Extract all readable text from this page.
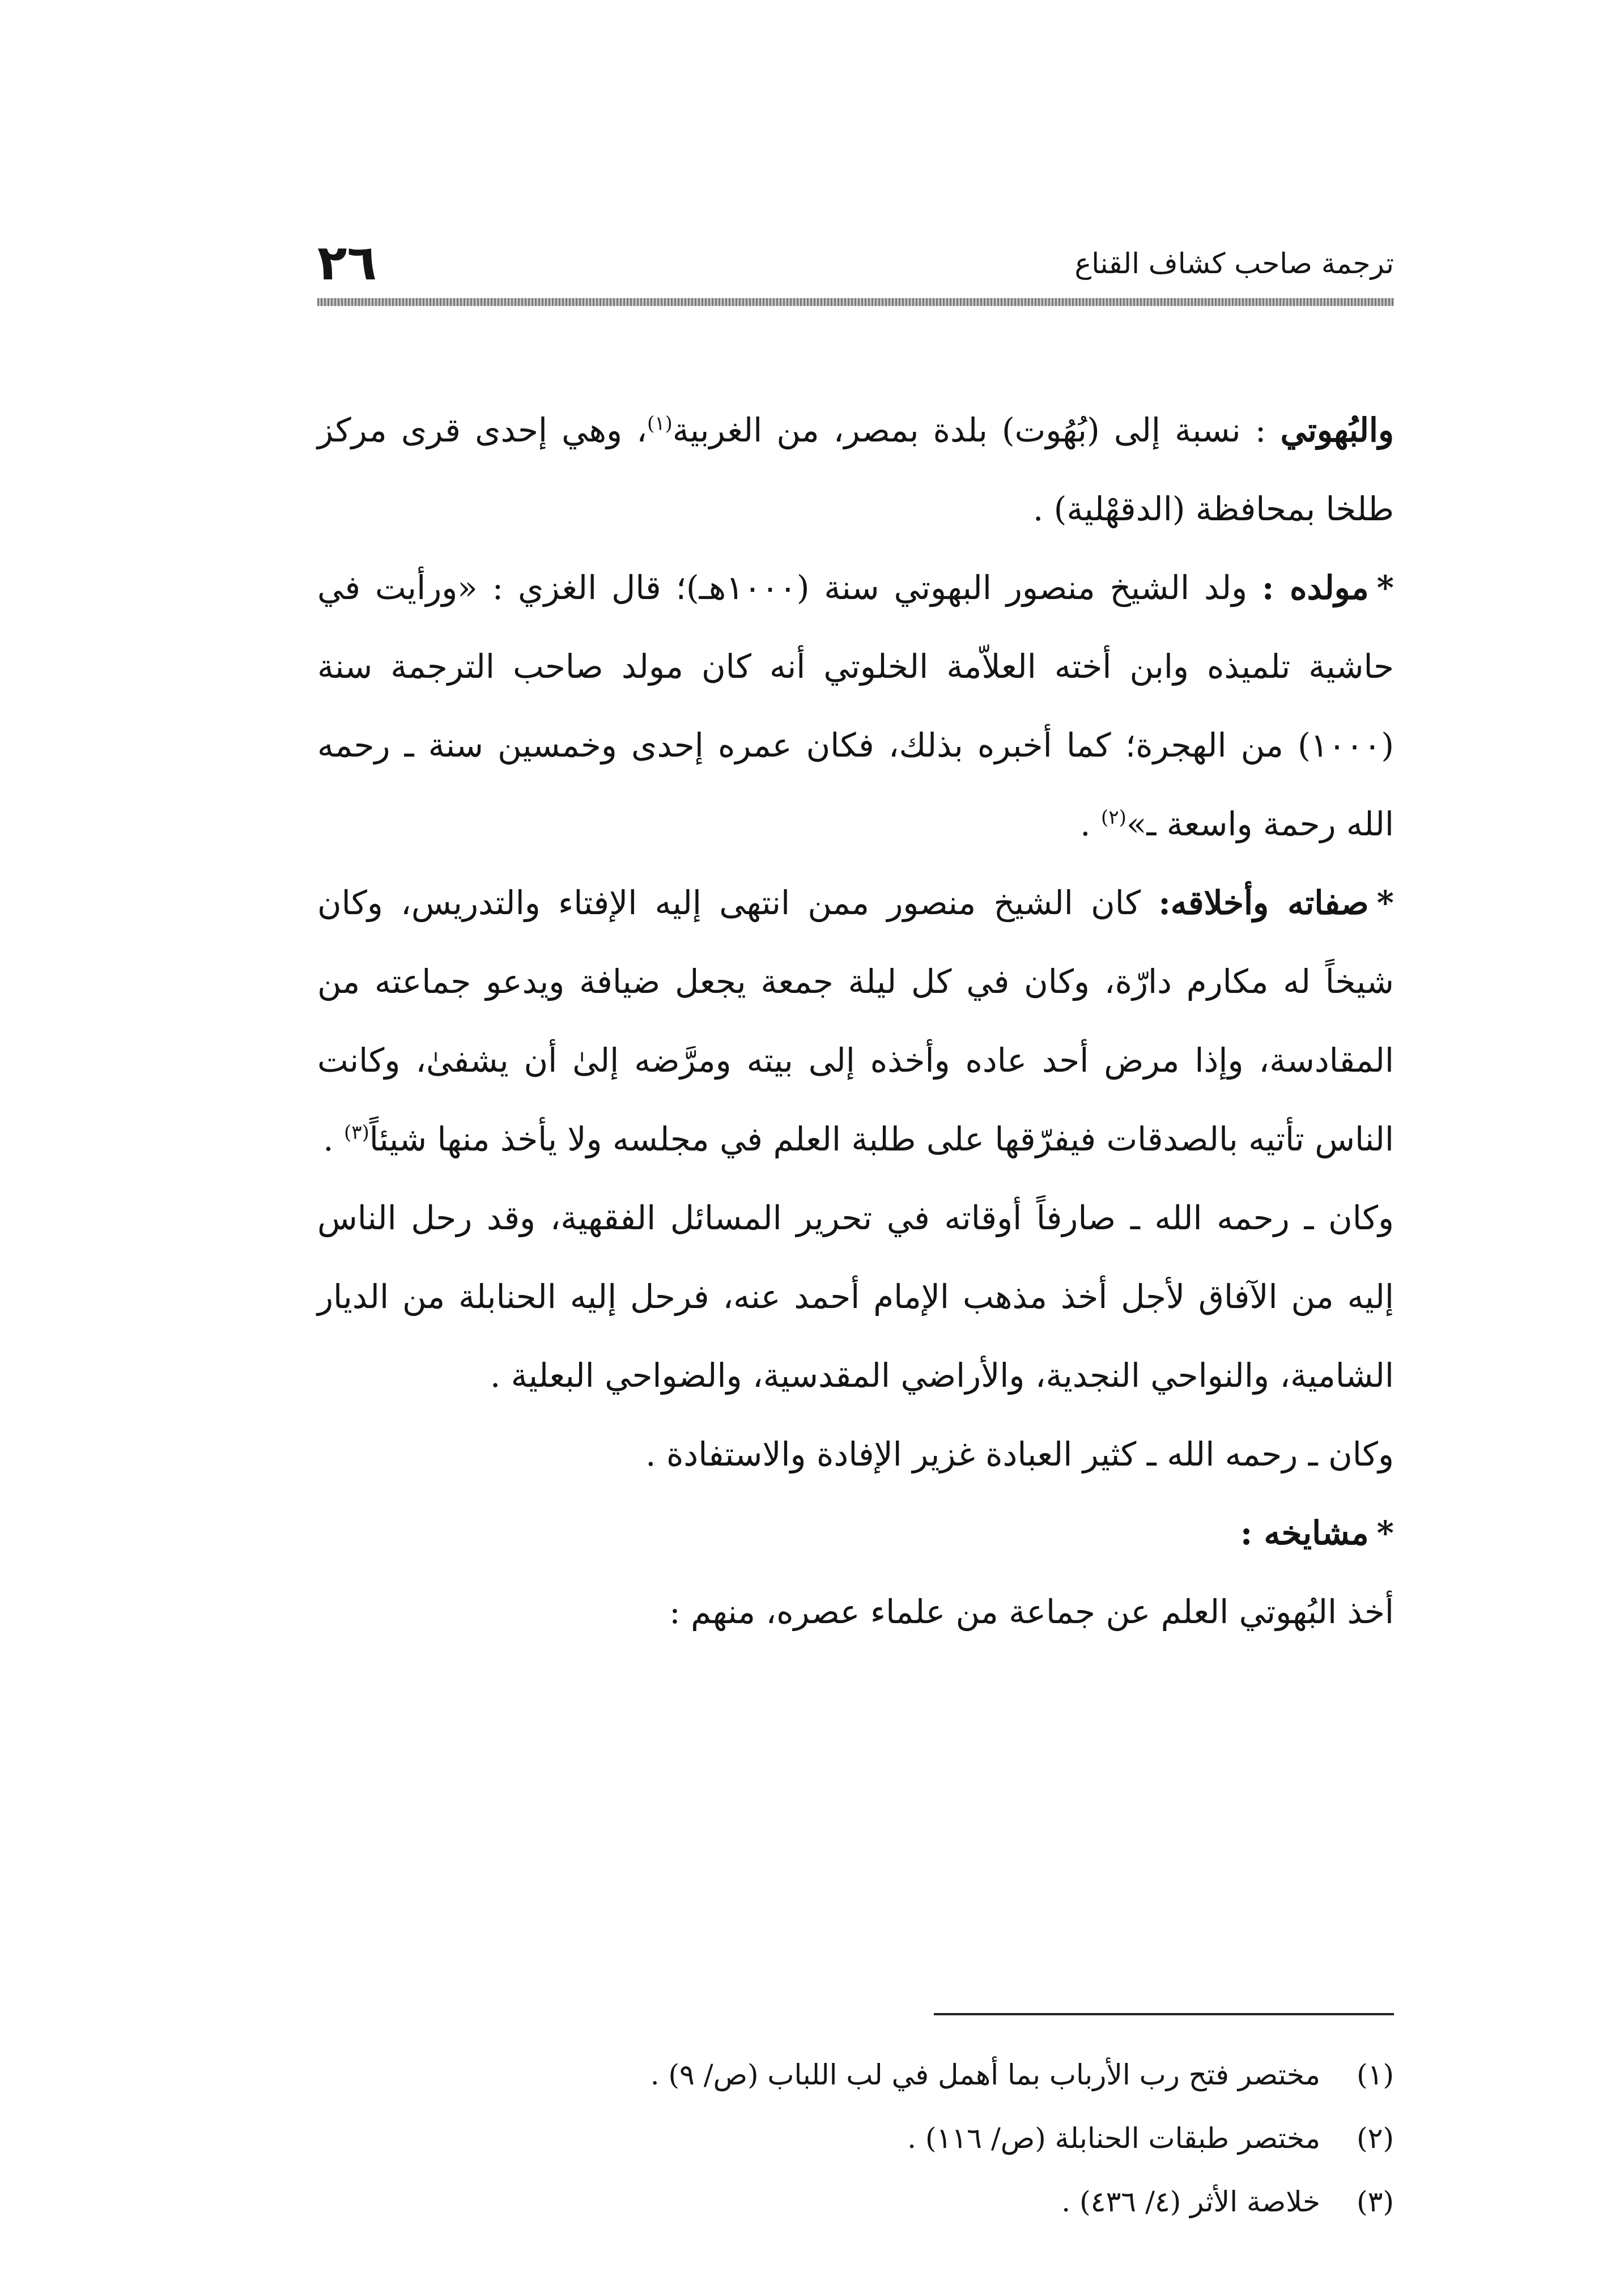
ترجمة صاحب كشاف القناع
٢٦

والبُهوتي : نسبة إلى (بُهُوت) بلدة بمصر، من الغربية$^{(١)}$، وهي إحدى قرى مركز طلخا بمحافظة (الدقهْلية) .

*مولده : ولد الشيخ منصور البهوتي سنة (١٠٠٠هـ)؛ قال الغزي : «ورأيت في حاشية تلميذه وابن أخته العلاّمة الخلوتي أنه كان مولد صاحب الترجمة سنة (١٠٠٠) من الهجرة؛ كما أخبره بذلك، فكان عمره إحدى وخمسين سنة ـ رحمه الله رحمة واسعة ـ»$^{(٢)}$ .

*صفاته وأخلاقه: كان الشيخ منصور ممن انتهى إليه الإفتاء والتدريس، وكان شيخاً له مكارم دارّة، وكان في كل ليلة جمعة يجعل ضيافة ويدعو جماعته من المقادسة، وإذا مرض أحد عاده وأخذه إلى بيته ومرَّضه إلىٰ أن يشفىٰ، وكانت الناس تأتيه بالصدقات فيفرّقها على طلبة العلم في مجلسه ولا يأخذ منها شيئاً$^{(٣)}$ .

وكان ـ رحمه الله ـ صارفاً أوقاته في تحرير المسائل الفقهية، وقد رحل الناس إليه من الآفاق لأجل أخذ مذهب الإمام أحمد عنه، فرحل إليه الحنابلة من الديار الشامية، والنواحي النجدية، والأراضي المقدسية، والضواحي البعلية .

وكان ـ رحمه الله ـ كثير العبادة غزير الإفادة والاستفادة .

*مشايخه :

أخذ البُهوتي العلم عن جماعة من علماء عصره، منهم :

(١)مختصر فتح رب الأرباب بما أهمل في لب اللباب (ص/ ٩) .
(٢)مختصر طبقات الحنابلة (ص/ ١١٦) .
(٣)خلاصة الأثر (٤/ ٤٣٦) .
